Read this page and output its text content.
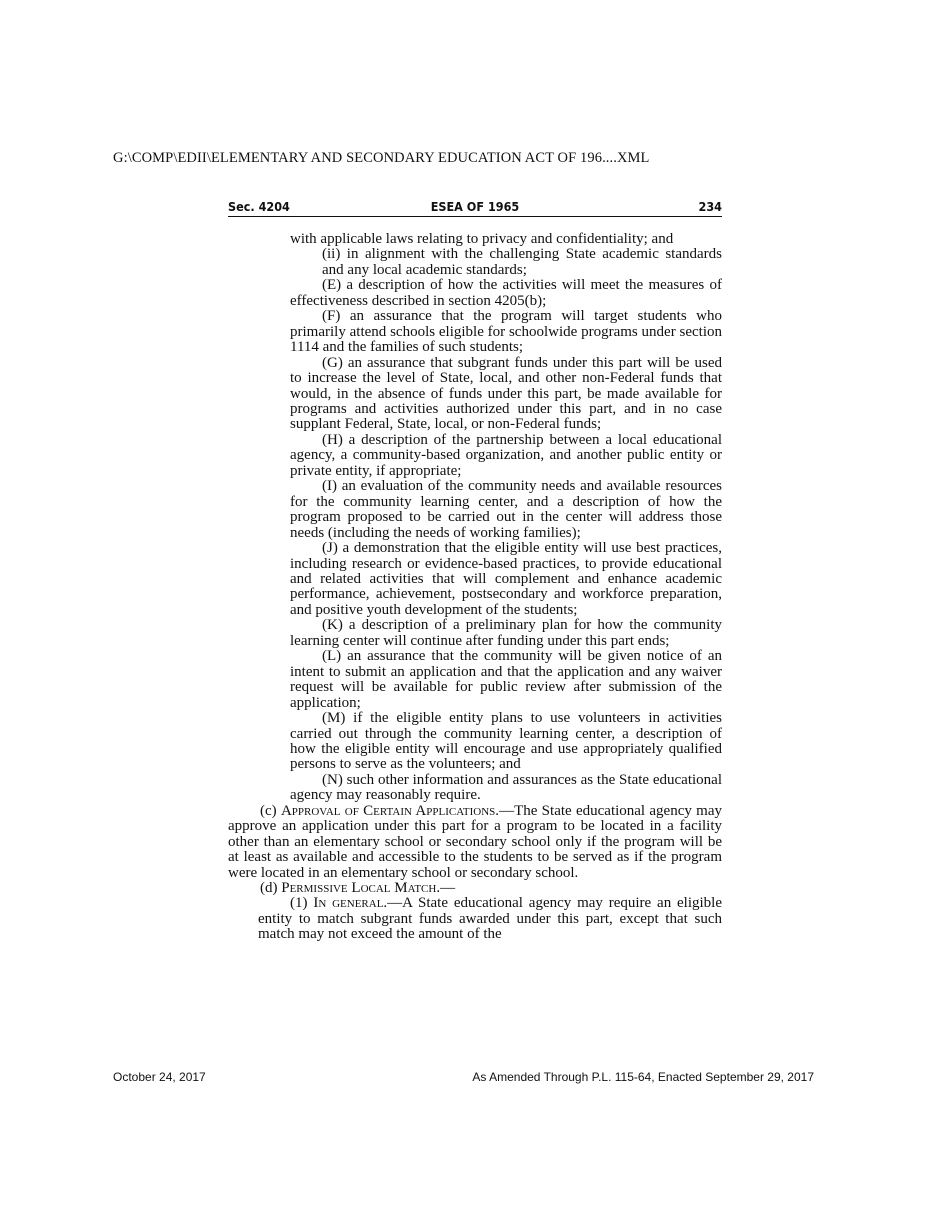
G:\COMP\EDII\ELEMENTARY AND SECONDARY EDUCATION ACT OF 196....XML
Sec. 4204	ESEA OF 1965	234

with applicable laws relating to privacy and confidentiality; and

(ii) in alignment with the challenging State academic standards and any local academic standards;

(E) a description of how the activities will meet the measures of effectiveness described in section 4205(b);

(F) an assurance that the program will target students who primarily attend schools eligible for schoolwide programs under section 1114 and the families of such students;

(G) an assurance that subgrant funds under this part will be used to increase the level of State, local, and other non-Federal funds that would, in the absence of funds under this part, be made available for programs and activities authorized under this part, and in no case supplant Federal, State, local, or non-Federal funds;

(H) a description of the partnership between a local educational agency, a community-based organization, and another public entity or private entity, if appropriate;

(I) an evaluation of the community needs and available resources for the community learning center, and a description of how the program proposed to be carried out in the center will address those needs (including the needs of working families);

(J) a demonstration that the eligible entity will use best practices, including research or evidence-based practices, to provide educational and related activities that will complement and enhance academic performance, achievement, postsecondary and workforce preparation, and positive youth development of the students;

(K) a description of a preliminary plan for how the community learning center will continue after funding under this part ends;

(L) an assurance that the community will be given notice of an intent to submit an application and that the application and any waiver request will be available for public review after submission of the application;

(M) if the eligible entity plans to use volunteers in activities carried out through the community learning center, a description of how the eligible entity will encourage and use appropriately qualified persons to serve as the volunteers; and

(N) such other information and assurances as the State educational agency may reasonably require.

(c) Approval of Certain Applications.—The State educational agency may approve an application under this part for a program to be located in a facility other than an elementary school or secondary school only if the program will be at least as available and accessible to the students to be served as if the program were located in an elementary school or secondary school.

(d) Permissive Local Match.—

(1) In general.—A State educational agency may require an eligible entity to match subgrant funds awarded under this part, except that such match may not exceed the amount of the

October 24, 2017	As Amended Through P.L. 115-64, Enacted September 29, 2017
